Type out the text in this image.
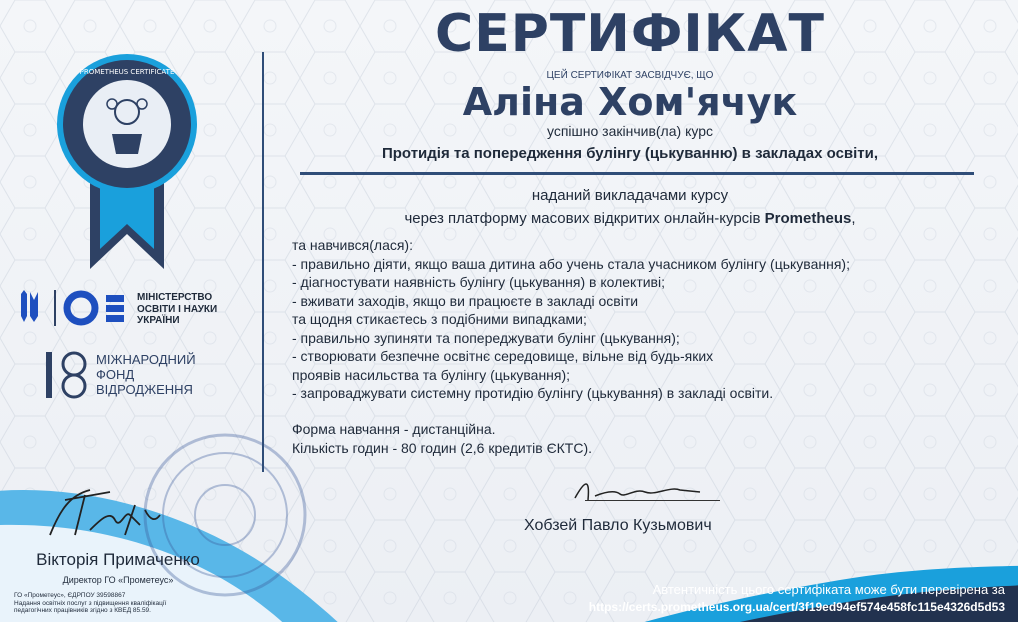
PROMETHEUS CERTIFICATE
МІНІСТЕРСТВО
ОСВІТИ І НАУКИ
УКРАЇНИ
МІЖНАРОДНИЙ
ФОНД
ВІДРОДЖЕННЯ
СЕРТИФІКАТ
ЦЕЙ СЕРТИФІКАТ ЗАСВІДЧУЄ, ЩО
Аліна Хом'ячук
успішно закінчив(ла) курс
Протидія та попередження булінгу (цькуванню) в закладах освіти,
наданий викладачами курсу
через платформу масових відкритих онлайн-курсів Prometheus,
та навчився(лася):
- правильно діяти, якщо ваша дитина або учень стала учасником булінгу (цькування);
- діагностувати наявність булінгу (цькування) в колективі;
- вживати заходів, якщо ви працюєте в закладі освіти
та щодня стикаєтесь з подібними випадками;
- правильно зупиняти та попереджувати булінг (цькування);
- створювати безпечне освітнє середовище, вільне від будь-яких
проявів насильства та булінгу (цькування);
- запроваджувати системну протидію булінгу (цькування) в закладі освіти.
Форма навчання - дистанційна.
Кількість годин - 80 годин (2,6 кредитів ЄКТС).
Хобзей Павло Кузьмович
Вікторія Примаченко
Директор ГО «Прометеус»
ГО «Прометеус», ЄДРПОУ 39598867
Надання освітніх послуг з підвищення кваліфікації
педагогічних працівників згідно з КВЕД 85.59.
Автентичність цього сертифіката може бути перевірена за
https://certs.prometheus.org.ua/cert/3f19ed94ef574e458fc115e4326d5d53
